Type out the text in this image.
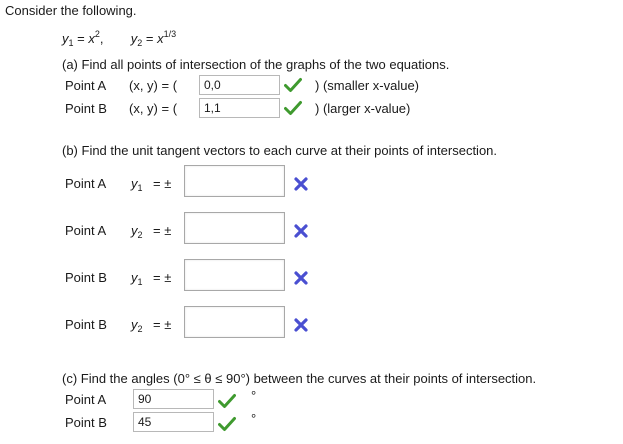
Consider the following.
$y_1 = x^2$, $y_2 = x^{1/3}$
(a) Find all points of intersection of the graphs of the two equations.
Point A (x, y) = (
0,0	) (smaller x-value)
Point B (x, y) = (
1,1	) (larger x-value)
(b) Find the unit tangent vectors to each curve at their points of intersection.
Point A $y_1$ = ±
Point A $y_2$ = ±
Point B $y_1$ = ±
Point B $y_2$ = ±
(c) Find the angles (0° ≤ θ ≤ 90°) between the curves at their points of intersection.
Point A
90	°
Point B
45	°
